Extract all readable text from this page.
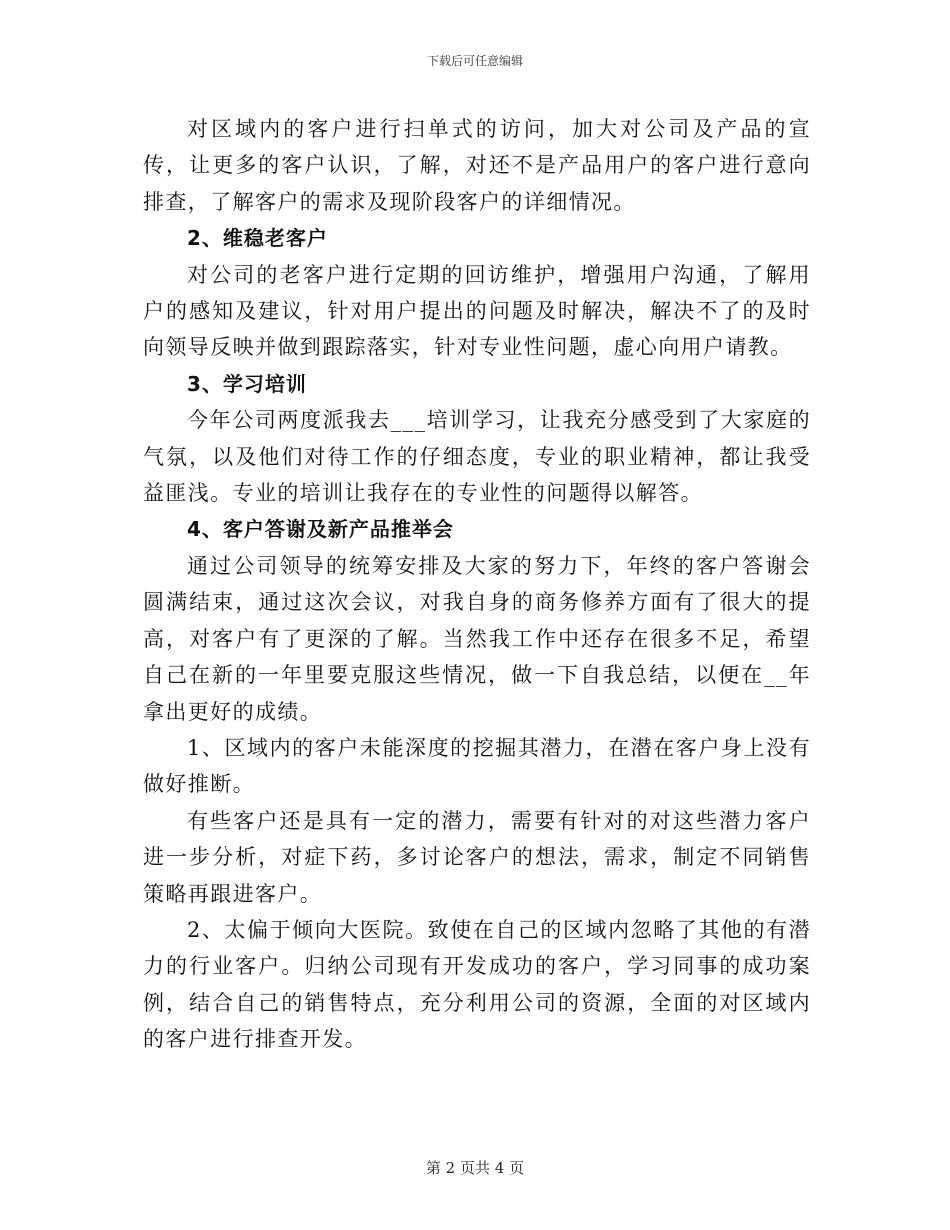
下载后可任意编辑

对区域内的客户进行扫单式的访问，加大对公司及产品的宣传，让更多的客户认识，了解，对还不是产品用户的客户进行意向排查，了解客户的需求及现阶段客户的详细情况。

2、维稳老客户

对公司的老客户进行定期的回访维护，增强用户沟通，了解用户的感知及建议，针对用户提出的问题及时解决，解决不了的及时向领导反映并做到跟踪落实，针对专业性问题，虚心向用户请教。

3、学习培训

今年公司两度派我去___培训学习，让我充分感受到了大家庭的气氛，以及他们对待工作的仔细态度，专业的职业精神，都让我受益匪浅。专业的培训让我存在的专业性的问题得以解答。

4、客户答谢及新产品推举会

通过公司领导的统筹安排及大家的努力下，年终的客户答谢会圆满结束，通过这次会议，对我自身的商务修养方面有了很大的提高，对客户有了更深的了解。当然我工作中还存在很多不足，希望自己在新的一年里要克服这些情况，做一下自我总结，以便在__年拿出更好的成绩。

1、区域内的客户未能深度的挖掘其潜力，在潜在客户身上没有做好推断。

有些客户还是具有一定的潜力，需要有针对的对这些潜力客户进一步分析，对症下药，多讨论客户的想法，需求，制定不同销售策略再跟进客户。

2、太偏于倾向大医院。致使在自己的区域内忽略了其他的有潜力的行业客户。归纳公司现有开发成功的客户，学习同事的成功案例，结合自己的销售特点，充分利用公司的资源，全面的对区域内的客户进行排查开发。

第 2 页共 4 页
